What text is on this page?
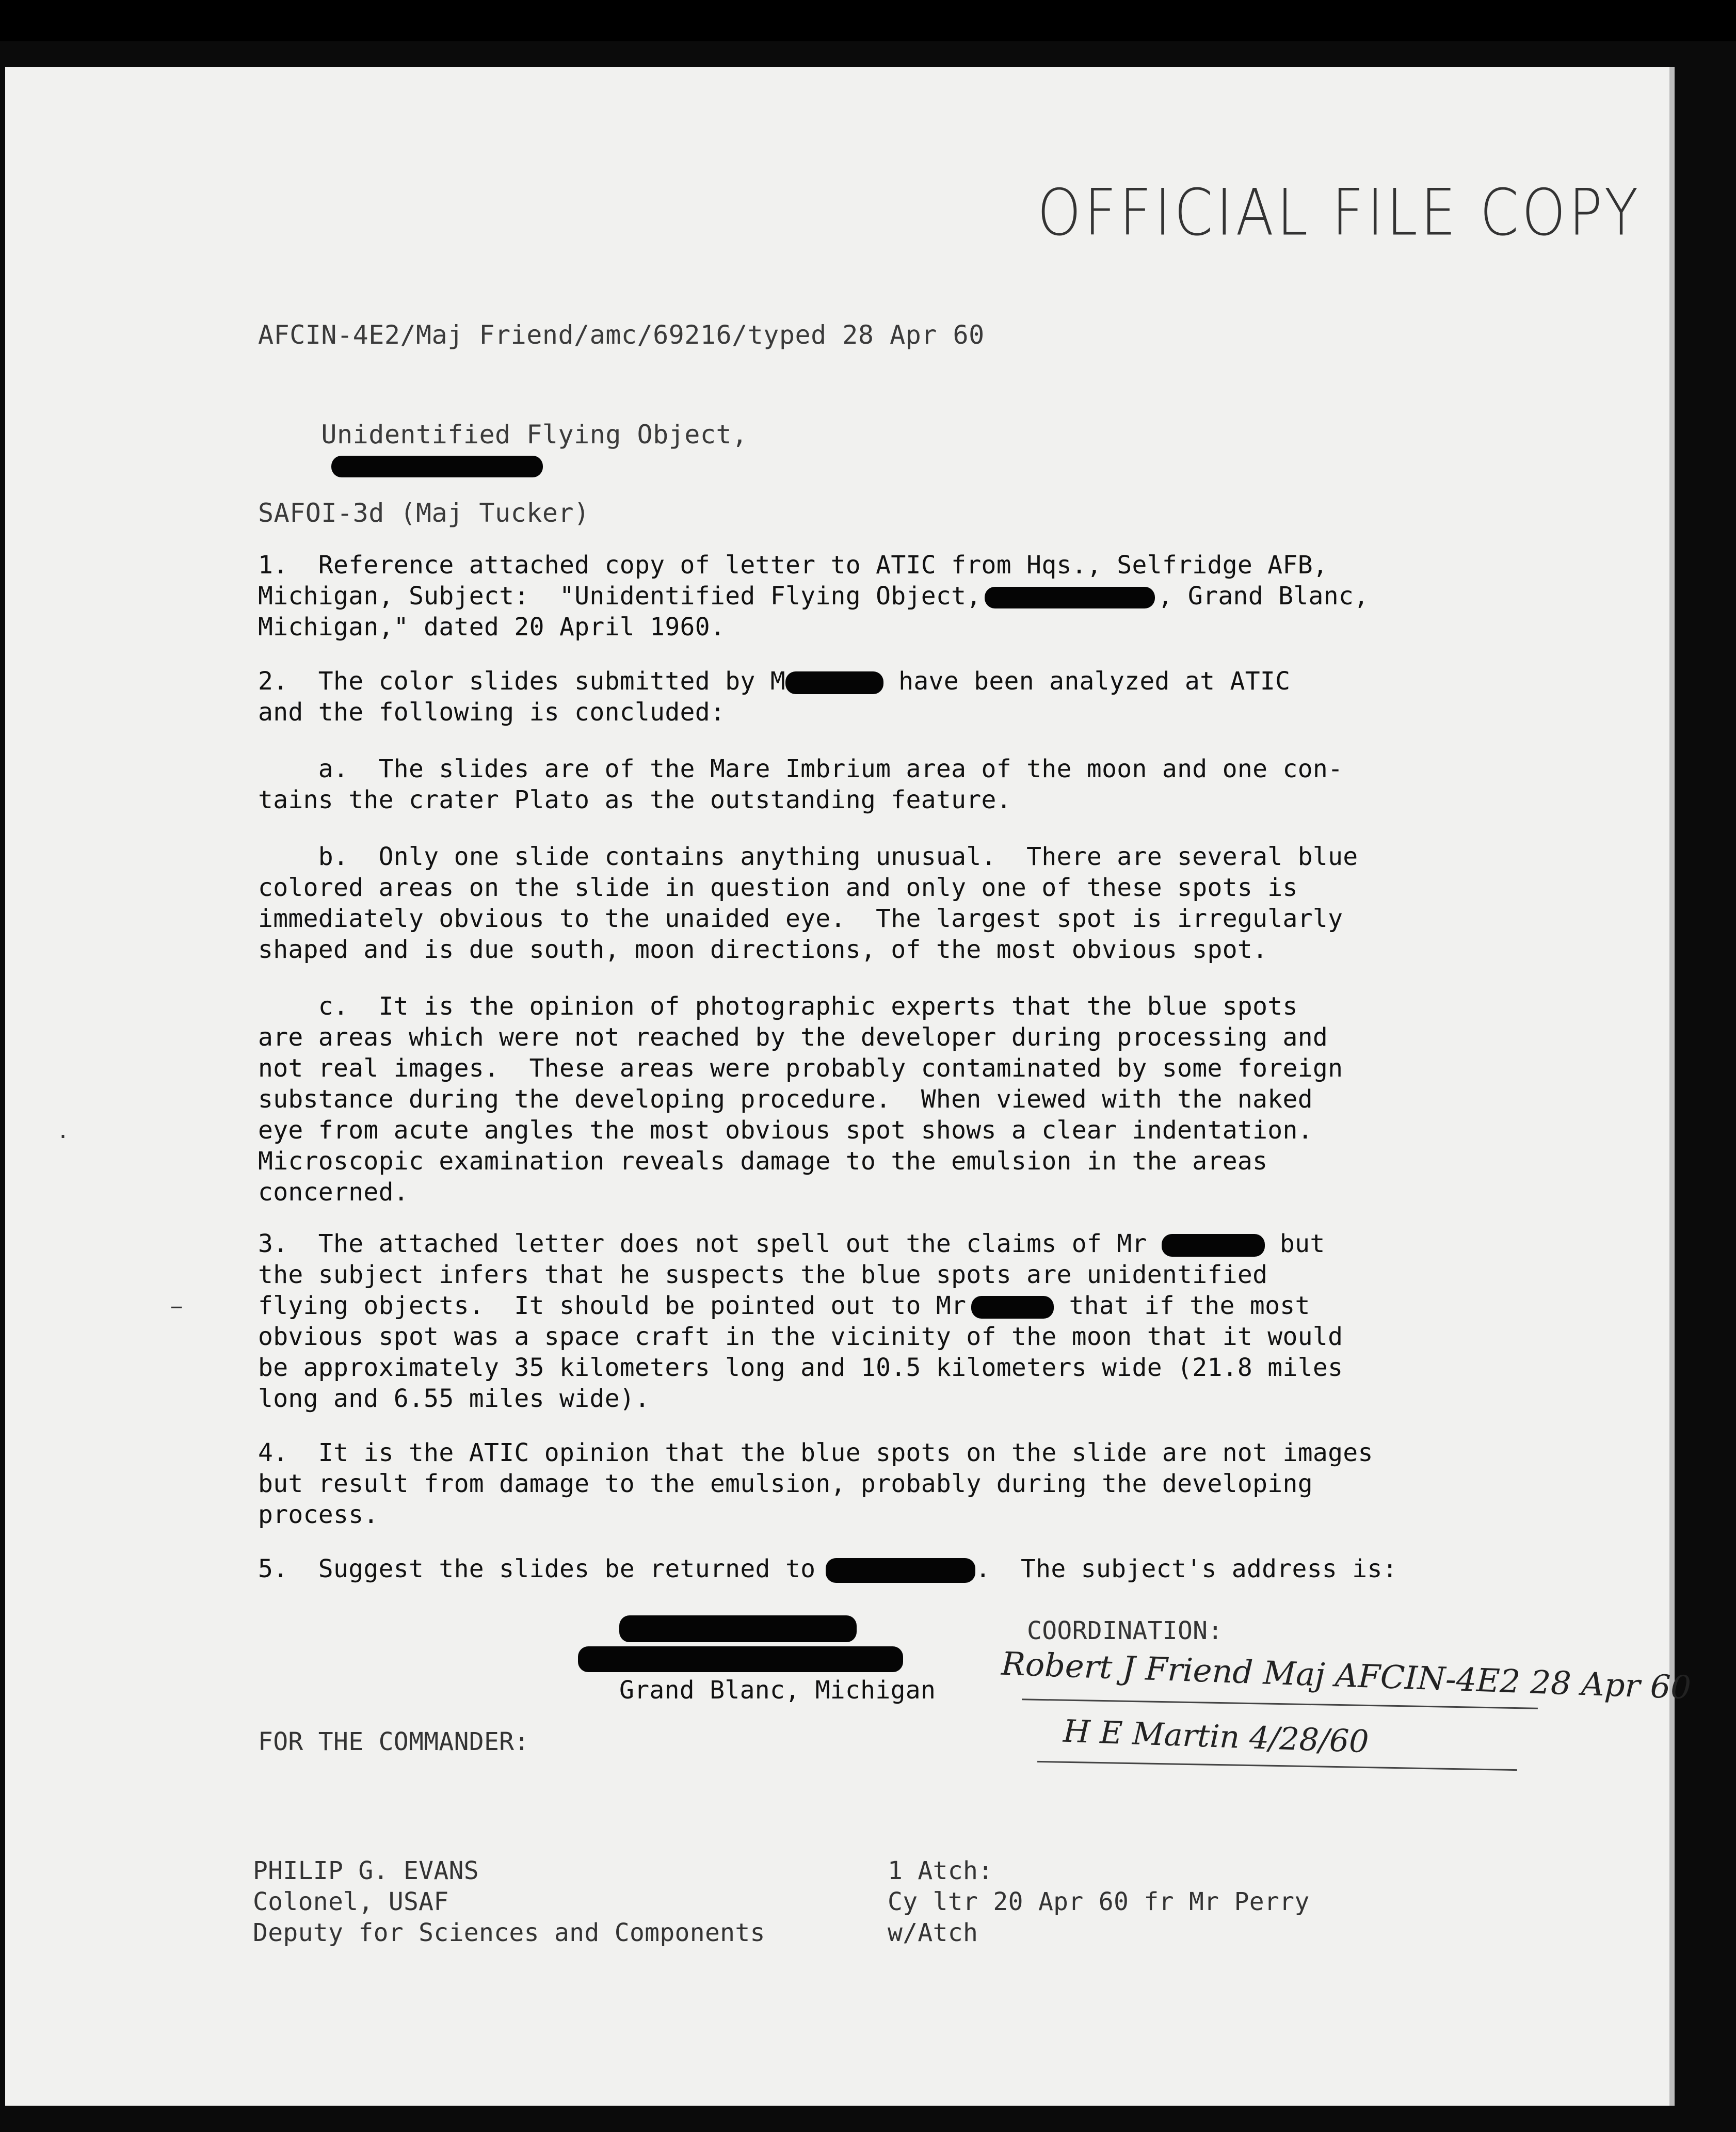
OFFICIAL FILE COPY
AFCIN-4E2/Maj Friend/amc/69216/typed 28 Apr 60

Unidentified Flying Object,

SAFOI-3d (Maj Tucker)
1.  Reference attached copy of letter to ATIC from Hqs., Selfridge AFB,
Michigan, Subject:  "Unidentified Flying Object,	, Grand Blanc,
Michigan," dated 20 April 1960.
2.  The color slides submitted by M	have been analyzed at ATIC
and the following is concluded:
a.  The slides are of the Mare Imbrium area of the moon and one con-
tains the crater Plato as the outstanding feature.
b.  Only one slide contains anything unusual.  There are several blue
colored areas on the slide in question and only one of these spots is
immediately obvious to the unaided eye.  The largest spot is irregularly
shaped and is due south, moon directions, of the most obvious spot.
c.  It is the opinion of photographic experts that the blue spots
are areas which were not reached by the developer during processing and
not real images.  These areas were probably contaminated by some foreign
substance during the developing procedure.  When viewed with the naked
eye from acute angles the most obvious spot shows a clear indentation.
Microscopic examination reveals damage to the emulsion in the areas
concerned.
3.  The attached letter does not spell out the claims of Mr	but
the subject infers that he suspects the blue spots are unidentified
flying objects.  It should be pointed out to Mr	that if the most
obvious spot was a space craft in the vicinity of the moon that it would
be approximately 35 kilometers long and 10.5 kilometers wide (21.8 miles
long and 6.55 miles wide).
4.  It is the ATIC opinion that the blue spots on the slide are not images
but result from damage to the emulsion, probably during the developing
process.
5.  Suggest the slides be returned to	.  The subject's address is:
Grand Blanc, Michigan
COORDINATION:
Robert J Friend Maj AFCIN-4E2 28 Apr 60
H E Martin 4/28/60
FOR THE COMMANDER:
PHILIP G. EVANS
Colonel, USAF
Deputy for Sciences and Components
1 Atch:
Cy ltr 20 Apr 60 fr Mr Perry
w/Atch
·
−
